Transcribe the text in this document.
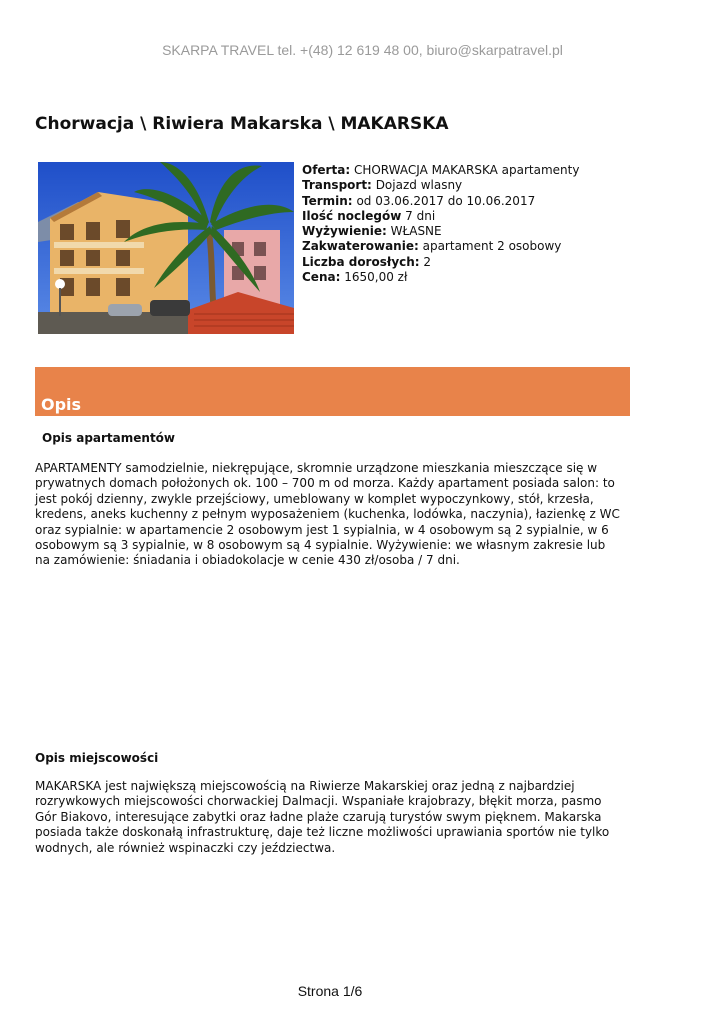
SKARPA TRAVEL tel. +(48) 12 619 48 00, biuro@skarpatravel.pl
Chorwacja \ Riwiera Makarska \ MAKARSKA
Oferta: CHORWACJA MAKARSKA apartamenty
Transport: Dojazd wlasny
Termin: od 03.06.2017 do 10.06.2017
Ilość noclegów 7 dni
Wyżywienie: WŁASNE
Zakwaterowanie: apartament 2 osobowy
Liczba dorosłych: 2
Cena: 1650,00 zł
Opis
Opis apartamentów
APARTAMENTY samodzielnie, niekrępujące, skromnie urządzone mieszkania mieszczące się w
prywatnych domach położonych ok. 100 – 700 m od morza. Każdy apartament posiada salon: to
jest pokój dzienny, zwykle przejściowy, umeblowany w komplet wypoczynkowy, stół, krzesła,
kredens, aneks kuchenny z pełnym wyposażeniem (kuchenka, lodówka, naczynia), łazienkę z WC
oraz sypialnie: w apartamencie 2 osobowym jest 1 sypialnia, w 4 osobowym są 2 sypialnie, w 6
osobowym są 3 sypialnie, w 8 osobowym są 4 sypialnie. Wyżywienie: we własnym zakresie lub
na zamówienie: śniadania i obiadokolacje w cenie 430 zł/osoba / 7 dni.
Opis miejscowości
MAKARSKA jest największą miejscowością na Riwierze Makarskiej oraz jedną z najbardziej
rozrywkowych miejscowości chorwackiej Dalmacji. Wspaniałe krajobrazy, błękit morza, pasmo
Gór Biakovo, interesujące zabytki oraz ładne plaże czarują turystów swym pięknem. Makarska
posiada także doskonałą infrastrukturę, daje też liczne możliwości uprawiania sportów nie tylko
wodnych, ale również wspinaczki czy jeździectwa.
Strona 1/6
